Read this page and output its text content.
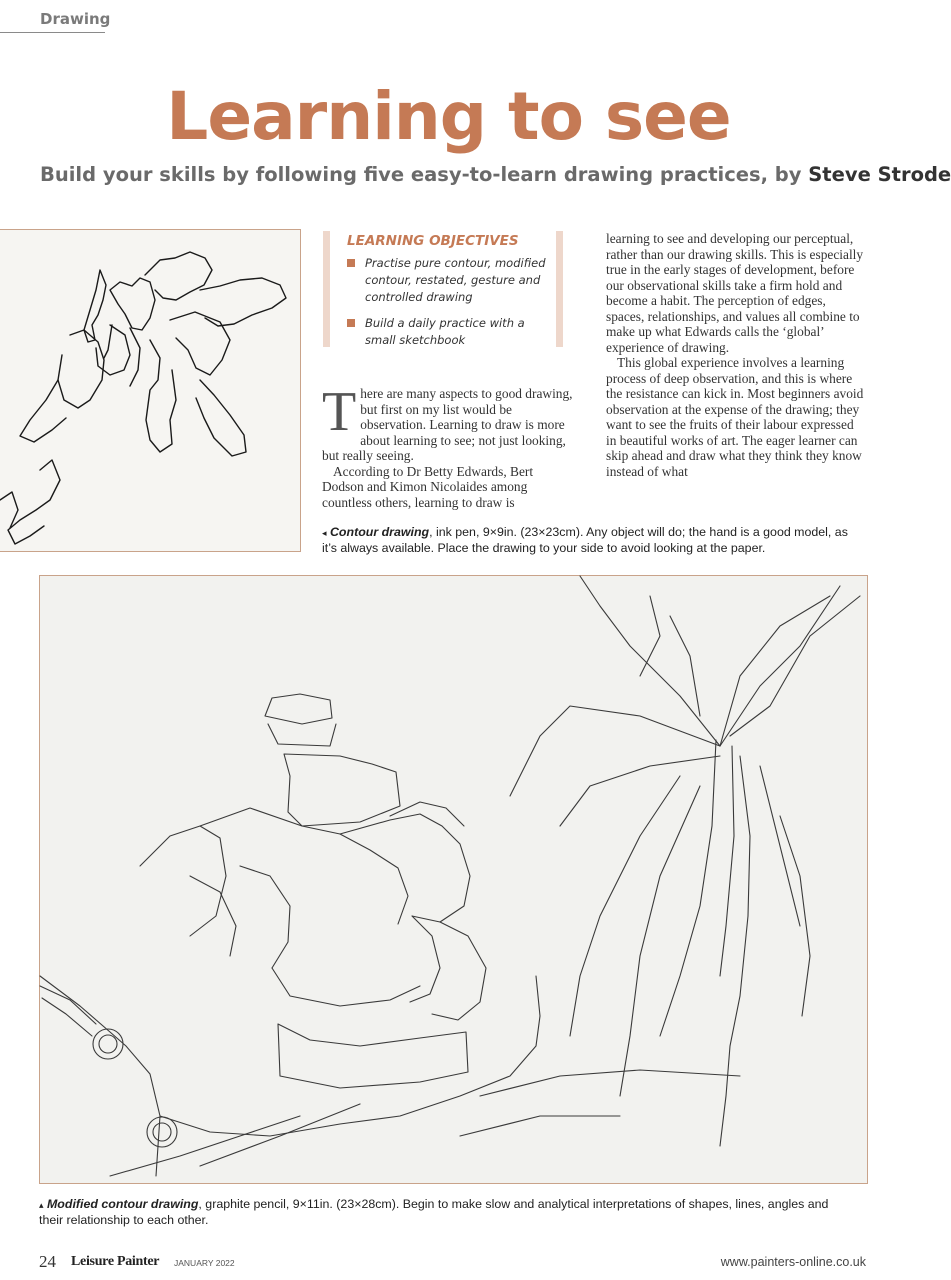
Drawing
Learning to see
Build your skills by following five easy-to-learn drawing practices, by Steve Strode
LEARNING OBJECTIVES
Practise pure contour, modified contour, restated, gesture and controlled drawing
Build a daily practice with a small sketchbook

There are many aspects to good drawing, but first on my list would be observation. Learning to draw is more about learning to see; not just looking, but really seeing.

According to Dr Betty Edwards, Bert Dodson and Kimon Nicolaides among countless others, learning to draw is

learning to see and developing our perceptual, rather than our drawing skills. This is especially true in the early stages of development, before our observational skills take a firm hold and become a habit. The perception of edges, spaces, relationships, and values all combine to make up what Edwards calls the ‘global’ experience of drawing.

This global experience involves a learning process of deep observation, and this is where the resistance can kick in. Most beginners avoid observation at the expense of the drawing; they want to see the fruits of their labour expressed in beautiful works of art. The eager learner can skip ahead and draw what they think they know instead of what

◂ Contour drawing, ink pen, 9×9in. (23×23cm). Any object will do; the hand is a good model, as it’s always available. Place the drawing to your side to avoid looking at the paper.

▴ Modified contour drawing, graphite pencil, 9×11in. (23×28cm). Begin to make slow and analytical interpretations of shapes, lines, angles and their relationship to each other.

24 Leisure Painter JANUARY 2022	www.painters-online.co.uk
